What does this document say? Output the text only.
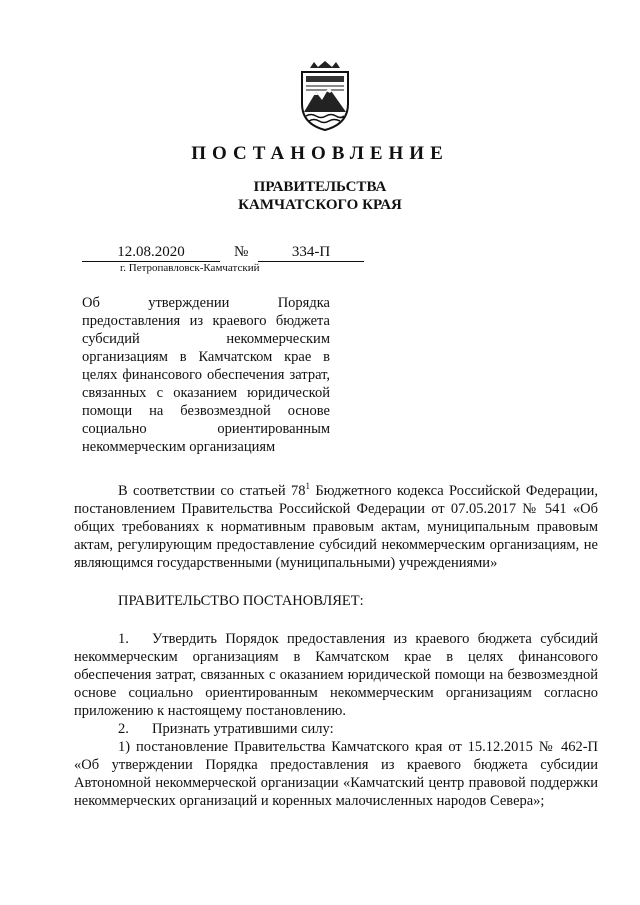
ПОСТАНОВЛЕНИЕ
ПРАВИТЕЛЬСТВА
КАМЧАТСКОГО КРАЯ
12.08.2020	№	334-П
г. Петропавловск-Камчатский
Об утверждении Порядка предоставления из краевого бюджета субсидий некоммерческим организациям в Камчатском крае в целях финансового обеспечения затрат, связанных с оказанием юридической помощи на безвозмездной основе социально ориентированным некоммерческим организациям

В соответствии со статьей $78^1$ Бюджетного кодекса Российской Федерации, постановлением Правительства Российской Федерации от 07.05.2017 № 541 «Об общих требованиях к нормативным правовым актам, муниципальным правовым актам, регулирующим предоставление субсидий некоммерческим организациям, не являющимся государственными (муниципальными) учреждениями»

ПРАВИТЕЛЬСТВО ПОСТАНОВЛЯЕТ:

1. Утвердить Порядок предоставления из краевого бюджета субсидий некоммерческим организациям в Камчатском крае в целях финансового обеспечения затрат, связанных с оказанием юридической помощи на безвозмездной основе социально ориентированным некоммерческим организациям согласно приложению к настоящему постановлению.

2. Признать утратившими силу:

1) постановление Правительства Камчатского края от 15.12.2015 № 462-П «Об утверждении Порядка предоставления из краевого бюджета субсидии Автономной некоммерческой организации «Камчатский центр правовой поддержки некоммерческих организаций и коренных малочисленных народов Севера»;
